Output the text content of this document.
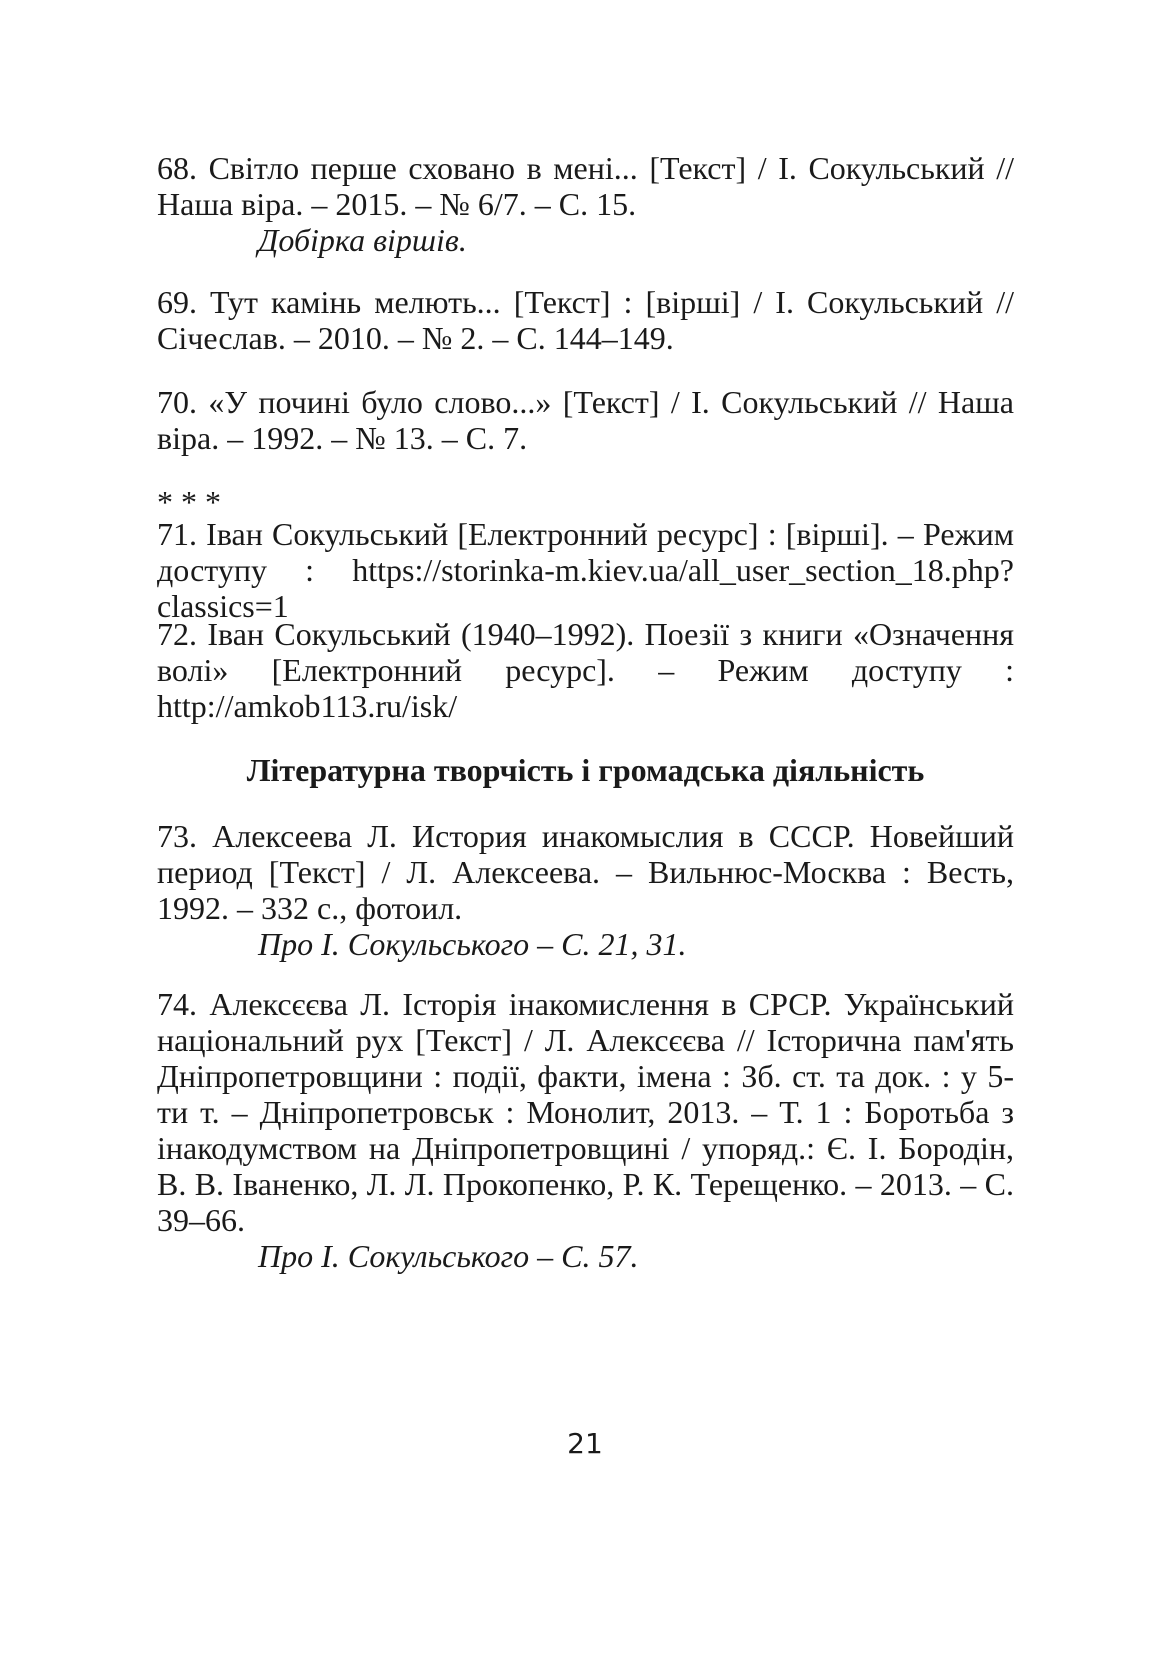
68. Світло перше сховано в мені... [Текст] / І. Сокульський // Наша віра. – 2015. – № 6/7. – С. 15.
Добірка віршів.
69. Тут камінь мелють... [Текст] : [вірші] / І. Сокульський // Січеслав. – 2010. – № 2. – С. 144–149.
70. «У почині було слово...» [Текст] / І. Сокульський // Наша віра. – 1992. – № 13. – С. 7.
* * *
71. Іван Сокульський [Електронний ресурс] : [вірші]. – Режим доступу : https://storinka-m.kiev.ua/all_user_section_18.php?classics=1
72. Іван Сокульський (1940–1992). Поезії з книги «Означення волі» [Електронний ресурс]. – Режим доступу : http://amkob113.ru/isk/
Літературна творчість і громадська діяльність
73. Алексеева Л. История инакомыслия в СССР. Новейший период [Текст] / Л. Алексеева. – Вильнюс-Москва : Весть, 1992. – 332 с., фотоил.
Про І. Сокульського – С. 21, 31.
74. Алексєєва Л. Історія інакомислення в СРСР. Український національний рух [Текст] / Л. Алексєєва // Історична пам'ять Дніпропетровщини : події, факти, імена : Зб. ст. та док. : у 5-ти т. – Дніпропетровськ : Монолит, 2013. – Т. 1 : Боротьба з інакодумством на Дніпропетровщині / упоряд.: Є. І. Бородін, В. В. Іваненко, Л. Л. Прокопенко, Р. К. Терещенко. – 2013. – С. 39–66.
Про І. Сокульського – С. 57.
21
